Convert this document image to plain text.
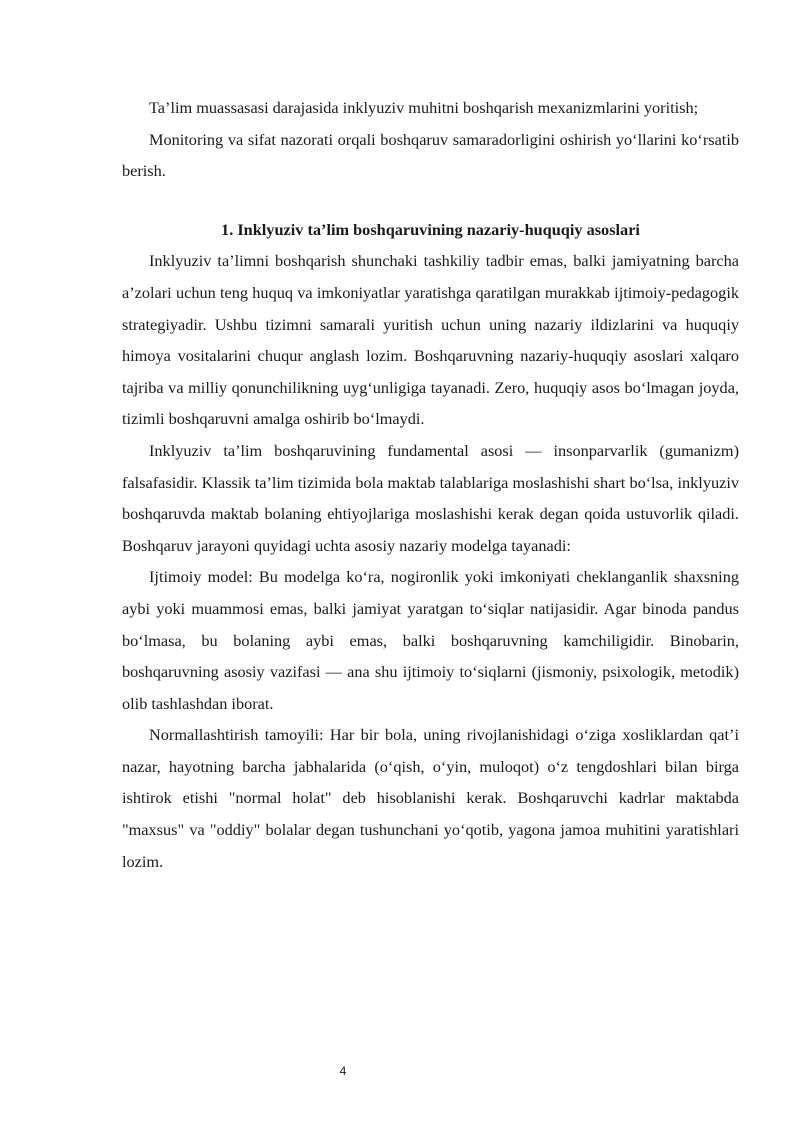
Ta’lim muassasasi darajasida inklyuziv muhitni boshqarish mexanizmlarini yoritish;

Monitoring va sifat nazorati orqali boshqaruv samaradorligini oshirish yo‘llarini ko‘rsatib berish.

1. Inklyuziv ta’lim boshqaruvining nazariy-huquqiy asoslari

Inklyuziv ta’limni boshqarish shunchaki tashkiliy tadbir emas, balki jamiyatning barcha a’zolari uchun teng huquq va imkoniyatlar yaratishga qaratilgan murakkab ijtimoiy-pedagogik strategiyadir. Ushbu tizimni samarali yuritish uchun uning nazariy ildizlarini va huquqiy himoya vositalarini chuqur anglash lozim. Boshqaruvning nazariy-huquqiy asoslari xalqaro tajriba va milliy qonunchilikning uyg‘unligiga tayanadi. Zero, huquqiy asos bo‘lmagan joyda, tizimli boshqaruvni amalga oshirib bo‘lmaydi.

Inklyuziv ta’lim boshqaruvining fundamental asosi — insonparvarlik (gumanizm) falsafasidir. Klassik ta’lim tizimida bola maktab talablariga moslashishi shart bo‘lsa, inklyuziv boshqaruvda maktab bolaning ehtiyojlariga moslashishi kerak degan qoida ustuvorlik qiladi. Boshqaruv jarayoni quyidagi uchta asosiy nazariy modelga tayanadi:

Ijtimoiy model: Bu modelga ko‘ra, nogironlik yoki imkoniyati cheklanganlik shaxsning aybi yoki muammosi emas, balki jamiyat yaratgan to‘siqlar natijasidir. Agar binoda pandus bo‘lmasa, bu bolaning aybi emas, balki boshqaruvning kamchiligidir. Binobarin, boshqaruvning asosiy vazifasi — ana shu ijtimoiy to‘siqlarni (jismoniy, psixologik, metodik) olib tashlashdan iborat.

Normallashtirish tamoyili: Har bir bola, uning rivojlanishidagi o‘ziga xosliklardan qat’i nazar, hayotning barcha jabhalarida (o‘qish, o‘yin, muloqot) o‘z tengdoshlari bilan birga ishtirok etishi "normal holat" deb hisoblanishi kerak. Boshqaruvchi kadrlar maktabda "maxsus" va "oddiy" bolalar degan tushunchani yo‘qotib, yagona jamoa muhitini yaratishlari lozim.

4
